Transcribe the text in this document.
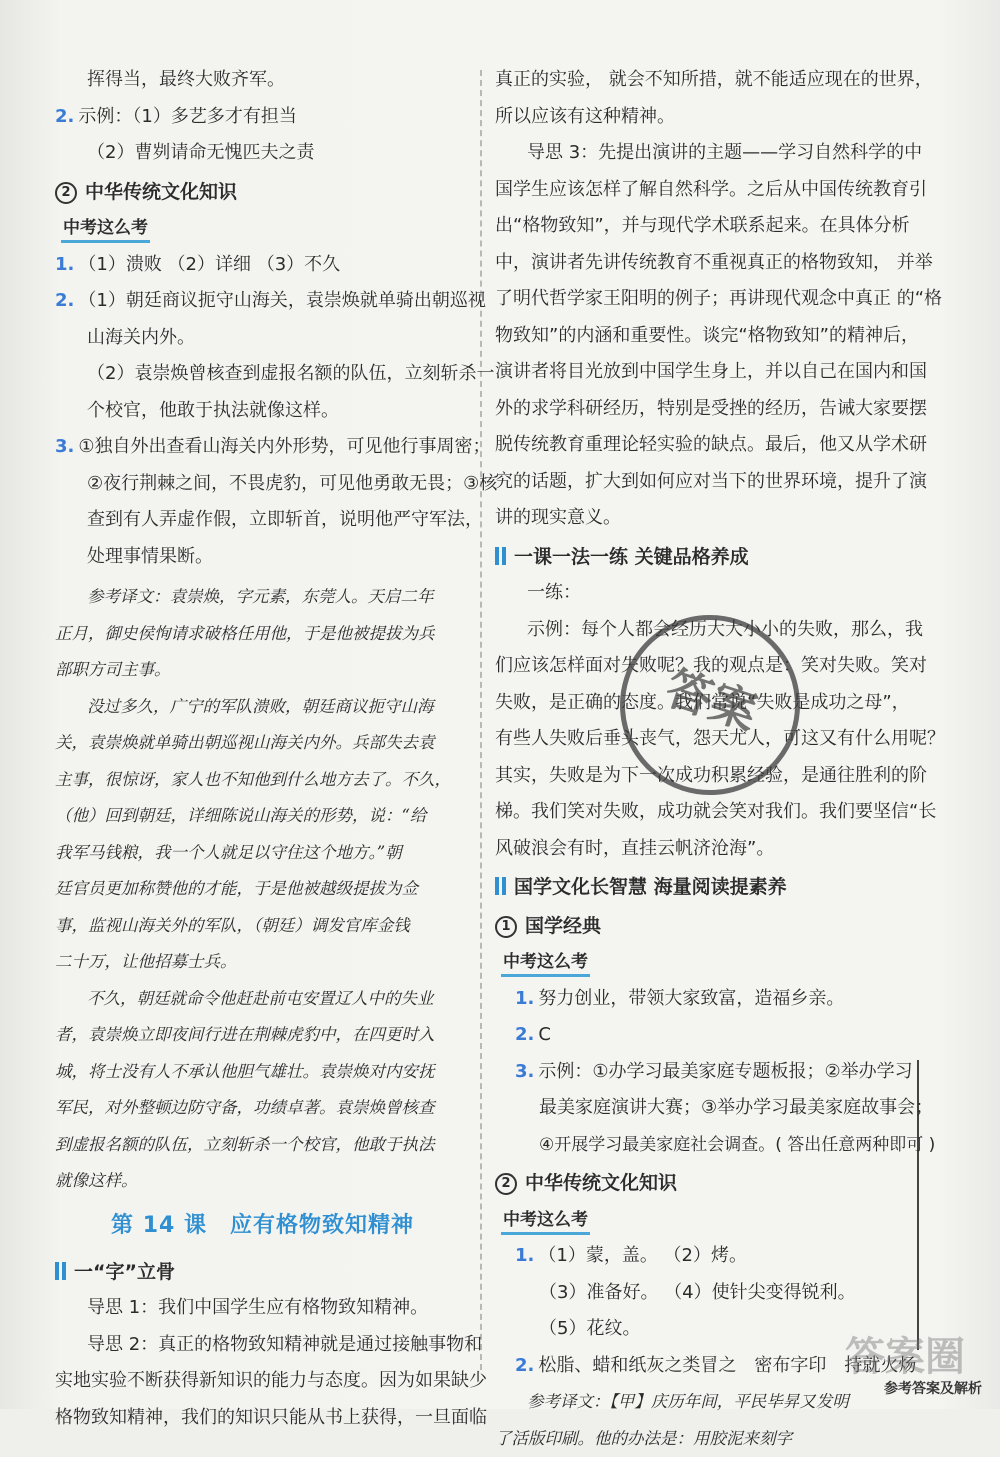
挥得当，最终大败齐军。
2. 示例：（1）多艺多才有担当
（2）曹刿请命无愧匹夫之责
2 中华传统文化知识
中考这么考
1. （1）溃败 （2）详细 （3）不久
2. （1）朝廷商议扼守山海关，袁崇焕就单骑出朝巡视
山海关内外。
（2）袁崇焕曾核查到虚报名额的队伍，立刻斩杀一
个校官，他敢于执法就像这样。
3. ①独自外出查看山海关内外形势，可见他行事周密；
②夜行荆棘之间，不畏虎豹，可见他勇敢无畏；③核
查到有人弄虚作假，立即斩首，说明他严守军法，
处理事情果断。
参考译文：袁崇焕，字元素，东莞人。天启二年
正月，御史侯恂请求破格任用他，于是他被提拔为兵
部职方司主事。
没过多久，广宁的军队溃败，朝廷商议扼守山海
关，袁崇焕就单骑出朝巡视山海关内外。兵部失去袁
主事，很惊讶，家人也不知他到什么地方去了。不久，
（他）回到朝廷，详细陈说山海关的形势，说：“给
我军马钱粮，我一个人就足以守住这个地方。”朝
廷官员更加称赞他的才能，于是他被越级提拔为佥
事，监视山海关外的军队，（朝廷）调发官库金钱
二十万，让他招募士兵。
不久，朝廷就命令他赶赴前屯安置辽人中的失业
者，袁崇焕立即夜间行进在荆棘虎豹中，在四更时入
城，将士没有人不承认他胆气雄壮。袁崇焕对内安抚
军民，对外整顿边防守备，功绩卓著。袁崇焕曾核查
到虚报名额的队伍，立刻斩杀一个校官，他敢于执法
就像这样。
第 14 课　应有格物致知精神
一“字”立骨
导思 1：我们中国学生应有格物致知精神。
导思 2：真正的格物致知精神就是通过接触事物和
实地实验不断获得新知识的能力与态度。因为如果缺少
格物致知精神，我们的知识只能从书上获得，一旦面临
真正的实验， 就会不知所措，就不能适应现在的世界，
所以应该有这种精神。
导思 3：先提出演讲的主题——学习自然科学的中
国学生应该怎样了解自然科学。之后从中国传统教育引
出“格物致知”，并与现代学术联系起来。在具体分析
中，演讲者先讲传统教育不重视真正的格物致知， 并举
了明代哲学家王阳明的例子；再讲现代观念中真正 的“格
物致知”的内涵和重要性。谈完“格物致知”的精神后，
演讲者将目光放到中国学生身上，并以自己在国内和国
外的求学科研经历，特别是受挫的经历，告诫大家要摆
脱传统教育重理论轻实验的缺点。最后，他又从学术研
究的话题，扩大到如何应对当下的世界环境，提升了演
讲的现实意义。
一课一法一练 关键品格养成
一练：
示例：每个人都会经历大大小小的失败，那么，我
们应该怎样面对失败呢？我的观点是：笑对失败。笑对
失败，是正确的态度。我们常说“失败是成功之母”，
有些人失败后垂头丧气，怨天尤人，可这又有什么用呢？
其实，失败是为下一次成功积累经验，是通往胜利的阶
梯。我们笑对失败，成功就会笑对我们。我们要坚信“长
风破浪会有时，直挂云帆济沧海”。
国学文化长智慧 海量阅读提素养
1 国学经典
中考这么考
1. 努力创业，带领大家致富，造福乡亲。
2. C
3. 示例：①办学习最美家庭专题板报；②举办学习
最美家庭演讲大赛；③举办学习最美家庭故事会；
④开展学习最美家庭社会调查。( 答出任意两种即可 )
2 中华传统文化知识
中考这么考
1. （1）蒙，盖。 （2）烤。
（3）准备好。 （4）使针尖变得锐利。
（5）花纹。
2. 松脂、蜡和纸灰之类冒之　密布字印　持就火炀
参考译文：【甲】庆历年间，平民毕昇又发明
了活版印刷。他的办法是：用胶泥来刻字
答案
答案圈
参考答案及解析
